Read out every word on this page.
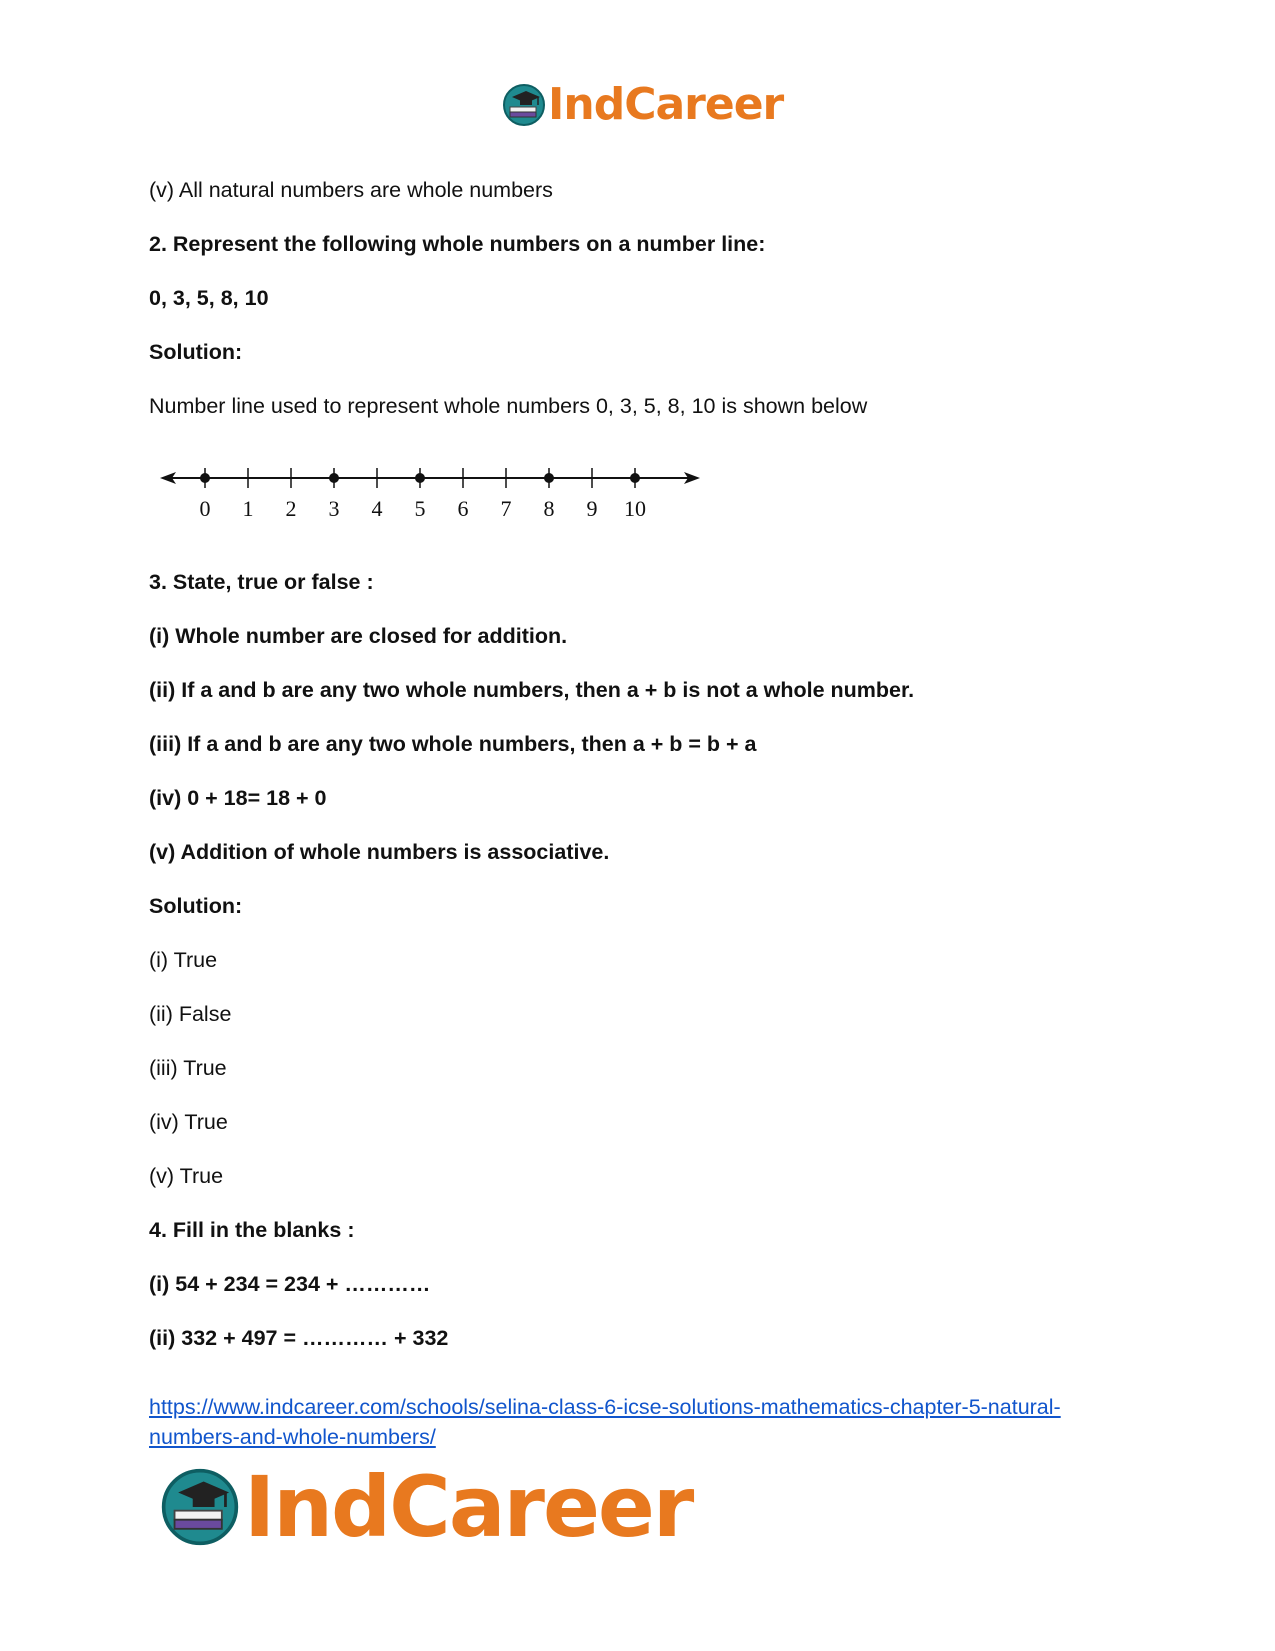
IndCareer
(v) All natural numbers are whole numbers
2. Represent the following whole numbers on a number line:
0, 3, 5, 8, 10
Solution:
Number line used to represent whole numbers 0, 3, 5, 8, 10 is shown below
3. State, true or false :
(i) Whole number are closed for addition.
(ii) If a and b are any two whole numbers, then a + b is not a whole number.
(iii) If a and b are any two whole numbers, then a + b = b + a
(iv) 0 + 18= 18 + 0
(v) Addition of whole numbers is associative.
Solution:
(i) True
(ii) False
(iii) True
(iv) True
(v) True
4. Fill in the blanks :
(i) 54 + 234 = 234 + …………
(ii) 332 + 497 = ………… + 332
0 1 2 3 4 5 6 7 8 9 10
https://www.indcareer.com/schools/selina-class-6-icse-solutions-mathematics-chapter-5-natural-
numbers-and-whole-numbers/
IndCareer
